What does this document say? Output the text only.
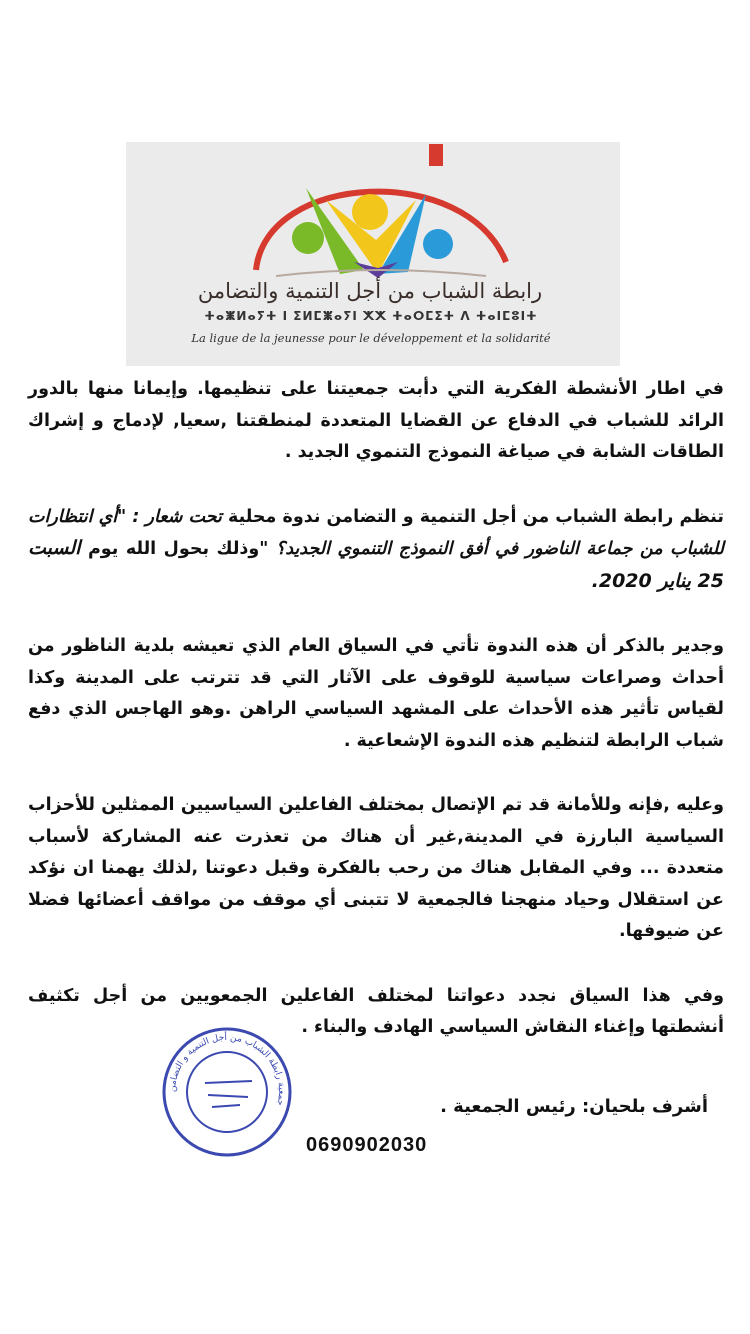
رابطة الشباب من أجل التنمية والتضامن
ⵜⴰⵥⵍⴰⵢⵜ ⵏ ⵉⵍⵎⵥⴰⵢⵏ ⵅⵅ ⵜⴰⵔⵎⵉⵜ ⴷ ⵜⴰⵏⵎⵓⵏⵜ
La ligue de la jeunesse pour le développement et la solidarité

في اطار الأنشطة الفكرية التي دأبت جمعيتنا على تنظيمها. وإيمانا منها بالدور الرائد للشباب في الدفاع عن القضايا المتعددة لمنطقتنا ,سعيا, لإدماج و إشراك الطاقات الشابة في صياغة النموذج التنموي الجديد .

تنظم رابطة الشباب من أجل التنمية و التضامن ندوة محلية تحت شعار : "أي انتظارات للشباب من جماعة الناضور في أفق النموذج التنموي الجديد؟ "وذلك بحول الله يوم السبت 25 يناير 2020.

وجدير بالذكر أن هذه الندوة تأتي في السياق العام الذي تعيشه بلدية الناظور من أحداث وصراعات سياسية للوقوف على الآثار التي قد تترتب على المدينة وكذا لقياس تأثير هذه الأحداث على المشهد السياسي الراهن .وهو الهاجس الذي دفع شباب الرابطة لتنظيم هذه الندوة الإشعاعية .

وعليه ,فإنه وللأمانة قد تم الإتصال بمختلف الفاعلين السياسيين الممثلين للأحزاب السياسية البارزة في المدينة,غير أن هناك من تعذرت عنه المشاركة لأسباب متعددة ... وفي المقابل هناك من رحب بالفكرة وقبل دعوتنا ,لذلك يهمنا ان نؤكد عن استقلال وحياد منهجنا فالجمعية لا تتبنى أي موقف من مواقف أعضائها فضلا عن ضيوفها.

وفي هذا السياق نجدد دعواتنا لمختلف الفاعلين الجمعويين من أجل تكثيف أنشطتها وإغناء النقاش السياسي الهادف والبناء .

جمعية رابطة الشباب من أجل التنمية و التضامن	أشرف بلحيان: رئيس الجمعية .
0690902030
